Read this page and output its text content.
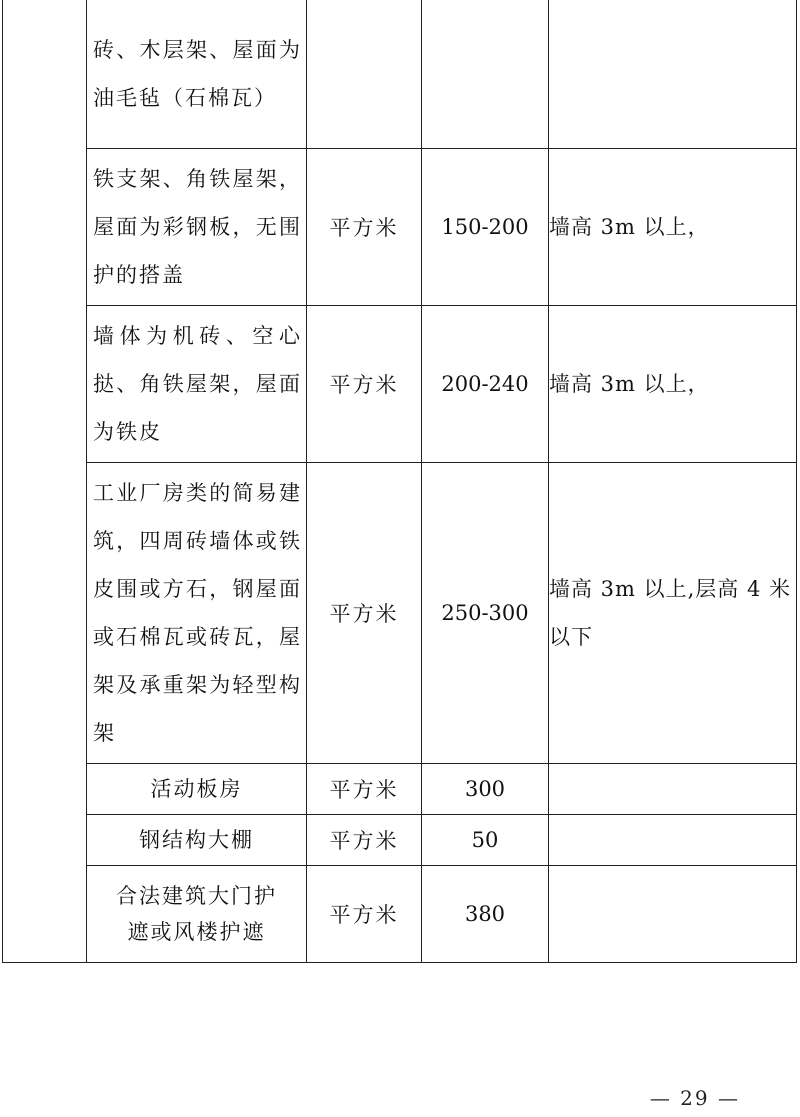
	砖、木层架、屋面为油毛毡（石棉瓦）			

	铁支架、角铁屋架，屋面为彩钢板，无围护的搭盖	平方米	150-200	墙高 3m 以上，

	墙体为机砖、空心挞、角铁屋架，屋面为铁皮	平方米	200-240	墙高 3m 以上，

	工业厂房类的简易建筑，四周砖墙体或铁皮围或方石，钢屋面或石棉瓦或砖瓦，屋架及承重架为轻型构架	平方米	250-300	墙高 3m 以上,层高 4 米以下

	活动板房	平方米	300	

	钢结构大棚	平方米	50	

	合法建筑大门护遮或风楼护遮	平方米	380	
— 29 —
